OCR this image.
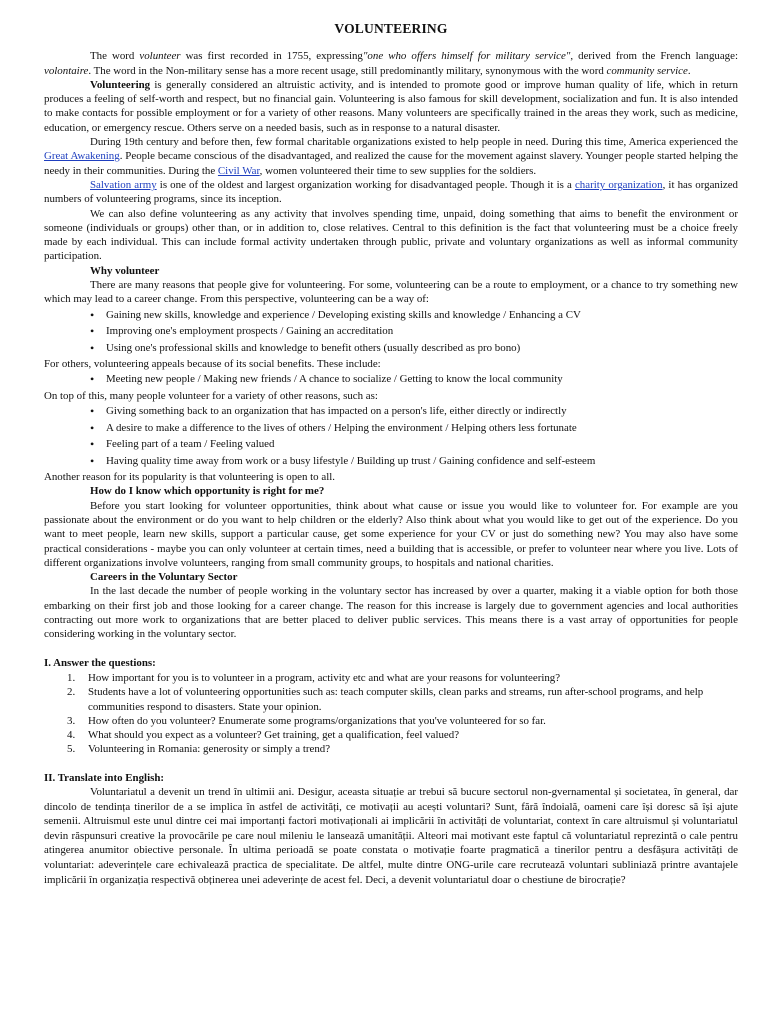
VOLUNTEERING

The word volunteer was first recorded in 1755, expressing"one who offers himself for military service", derived from the French language: volontaire. The word in the Non-military sense has a more recent usage, still predominantly military, synonymous with the word community service.

Volunteering is generally considered an altruistic activity, and is intended to promote good or improve human quality of life, which in return produces a feeling of self-worth and respect, but no financial gain. Volunteering is also famous for skill development, socialization and fun. It is also intended to make contacts for possible employment or for a variety of other reasons. Many volunteers are specifically trained in the areas they work, such as medicine, education, or emergency rescue. Others serve on a needed basis, such as in response to a natural disaster.

During 19th century and before then, few formal charitable organizations existed to help people in need. During this time, America experienced the Great Awakening. People became conscious of the disadvantaged, and realized the cause for the movement against slavery. Younger people started helping the needy in their communities. During the Civil War, women volunteered their time to sew supplies for the soldiers.

Salvation army is one of the oldest and largest organization working for disadvantaged people. Though it is a charity organization, it has organized numbers of volunteering programs, since its inception.

We can also define volunteering as any activity that involves spending time, unpaid, doing something that aims to benefit the environment or someone (individuals or groups) other than, or in addition to, close relatives. Central to this definition is the fact that volunteering must be a choice freely made by each individual. This can include formal activity undertaken through public, private and voluntary organizations as well as informal community participation.

Why volunteer

There are many reasons that people give for volunteering. For some, volunteering can be a route to employment, or a chance to try something new which may lead to a career change. From this perspective, volunteering can be a way of:

• Gaining new skills, knowledge and experience / Developing existing skills and knowledge / Enhancing a CV
• Improving one's employment prospects / Gaining an accreditation
• Using one's professional skills and knowledge to benefit others (usually described as pro bono)

For others, volunteering appeals because of its social benefits. These include:

• Meeting new people / Making new friends / A chance to socialize / Getting to know the local community

On top of this, many people volunteer for a variety of other reasons, such as:

• Giving something back to an organization that has impacted on a person's life, either directly or indirectly
• A desire to make a difference to the lives of others / Helping the environment / Helping others less fortunate
• Feeling part of a team / Feeling valued
• Having quality time away from work or a busy lifestyle / Building up trust / Gaining confidence and self-esteem

Another reason for its popularity is that volunteering is open to all.

How do I know which opportunity is right for me?

Before you start looking for volunteer opportunities, think about what cause or issue you would like to volunteer for. For example are you passionate about the environment or do you want to help children or the elderly? Also think about what you would like to get out of the experience. Do you want to meet people, learn new skills, support a particular cause, get some experience for your CV or just do something new? You may also have some practical considerations - maybe you can only volunteer at certain times, need a building that is accessible, or prefer to volunteer near where you live. Lots of different organizations involve volunteers, ranging from small community groups, to hospitals and national charities.

Careers in the Voluntary Sector

In the last decade the number of people working in the voluntary sector has increased by over a quarter, making it a viable option for both those embarking on their first job and those looking for a career change. The reason for this increase is largely due to government agencies and local authorities contracting out more work to organizations that are better placed to deliver public services. This means there is a vast array of opportunities for people considering working in the voluntary sector.

I. Answer the questions:
1. How important for you is to volunteer in a program, activity etc and what are your reasons for volunteering?
2. Students have a lot of volunteering opportunities such as: teach computer skills, clean parks and streams, run after-school programs, and help communities respond to disasters. State your opinion.
3. How often do you volunteer? Enumerate some programs/organizations that you've volunteered for so far.
4. What should you expect as a volunteer? Get training, get a qualification, feel valued?
5. Volunteering in Romania: generosity or simply a trend?
II. Translate into English:

Voluntariatul a devenit un trend în ultimii ani. Desigur, aceasta situație ar trebui să bucure sectorul non-gvernamental și societatea, în general, dar dincolo de tendința tinerilor de a se implica în astfel de activități, ce motivații au acești voluntari? Sunt, fără îndoială, oameni care își doresc să își ajute semenii. Altruismul este unul dintre cei mai importanți factori motivaționali ai implicării în activități de voluntariat, context în care altruismul și voluntariatul devin răspunsuri creative la provocările pe care noul mileniu le lansează umanității. Alteori mai motivant este faptul că voluntariatul reprezintă o cale pentru atingerea anumitor obiective personale. În ultima perioadă se poate constata o motivație foarte pragmatică a tinerilor pentru a desfășura activități de voluntariat: adeverințele care echivalează practica de specialitate. De altfel, multe dintre ONG-urile care recrutează voluntari subliniază printre avantajele implicării în organizația respectivă obținerea unei adeverințe de acest fel. Deci, a devenit voluntariatul doar o chestiune de birocrație?
